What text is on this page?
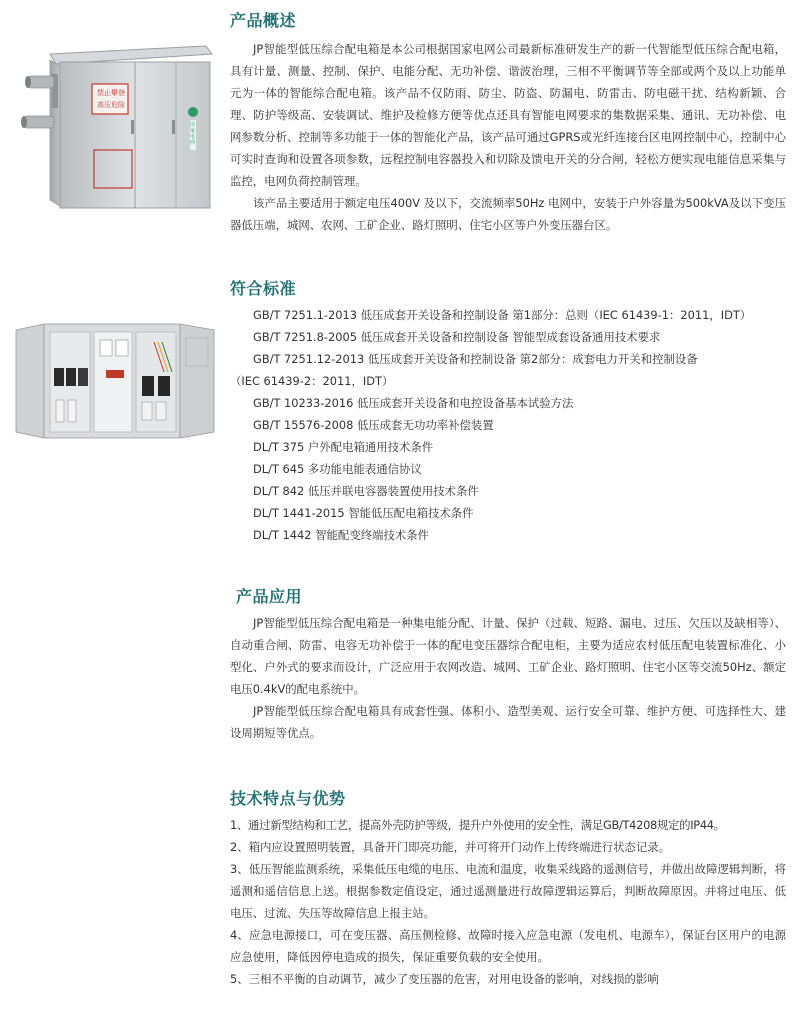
产品概述
禁止攀登
高压危险
国家电网

JP智能型低压综合配电箱是本公司根据国家电网公司最新标准研发生产的新一代智能型低压综合配电箱，具有计量、测量、控制、保护、电能分配、无功补偿、谐波治理，三相不平衡调节等全部或两个及以上功能单元为一体的智能综合配电箱。该产品不仅防雨、防尘、防盗、防漏电、防雷击、防电磁干扰、结构新颖、合理、防护等级高、安装调试、维护及检修方便等优点还具有智能电网要求的集数据采集、通讯、无功补偿、电网参数分析、控制等多功能于一体的智能化产品，该产品可通过GPRS或光纤连接台区电网控制中心，控制中心可实时查询和设置各项参数，远程控制电容器投入和切除及馈电开关的分合闸，轻松方便实现电能信息采集与监控，电网负荷控制管理。

该产品主要适用于额定电压400V 及以下，交流频率50Hz 电网中，安装于户外容量为500kVA及以下变压器低压端，城网、农网、工矿企业、路灯照明、住宅小区等户外变压器台区。

符合标准
GB/T 7251.1-2013 低压成套开关设备和控制设备 第1部分：总则（IEC 61439-1：2011，IDT）
GB/T 7251.8-2005 低压成套开关设备和控制设备 智能型成套设备通用技术要求
GB/T 7251.12-2013 低压成套开关设备和控制设备 第2部分：成套电力开关和控制设备
（IEC 61439-2：2011，IDT）
GB/T 10233-2016 低压成套开关设备和电控设备基本试验方法
GB/T 15576-2008 低压成套无功功率补偿装置
DL/T 375 户外配电箱通用技术条件
DL/T 645 多功能电能表通信协议
DL/T 842 低压并联电容器装置使用技术条件
DL/T 1441-2015 智能低压配电箱技术条件
DL/T 1442 智能配变终端技术条件
产品应用

JP智能型低压综合配电箱是一种集电能分配、计量、保护（过载、短路、漏电、过压、欠压以及缺相等）、自动重合闸、防雷、电容无功补偿于一体的配电变压器综合配电柜，主要为适应农村低压配电装置标准化、小型化、户外式的要求而设计，广泛应用于农网改造、城网、工矿企业、路灯照明、住宅小区等交流50Hz、额定电压0.4kV的配电系统中。

JP智能型低压综合配电箱具有成套性强、体积小、造型美观、运行安全可靠、维护方便、可选择性大、建设周期短等优点。

技术特点与优势
1、通过新型结构和工艺，提高外壳防护等级，提升户外使用的安全性，满足GB/T4208规定的IP44。
2、箱内应设置照明装置，具备开门即亮功能，并可将开门动作上传终端进行状态记录。
3、低压智能监测系统，采集低压电缆的电压、电流和温度，收集采线路的遥测信号，并做出故障逻辑判断，将遥测和遥信信息上送。根据参数定值设定，通过遥测量进行故障逻辑运算后，判断故障原因。并将过电压、低电压、过流、失压等故障信息上报主站。
4、应急电源接口，可在变压器、高压侧检修、故障时接入应急电源（发电机、电源车），保证台区用户的电源应急使用，降低因停电造成的损失，保证重要负载的安全使用。
5、三相不平衡的自动调节，减少了变压器的危害，对用电设备的影响，对线损的影响
